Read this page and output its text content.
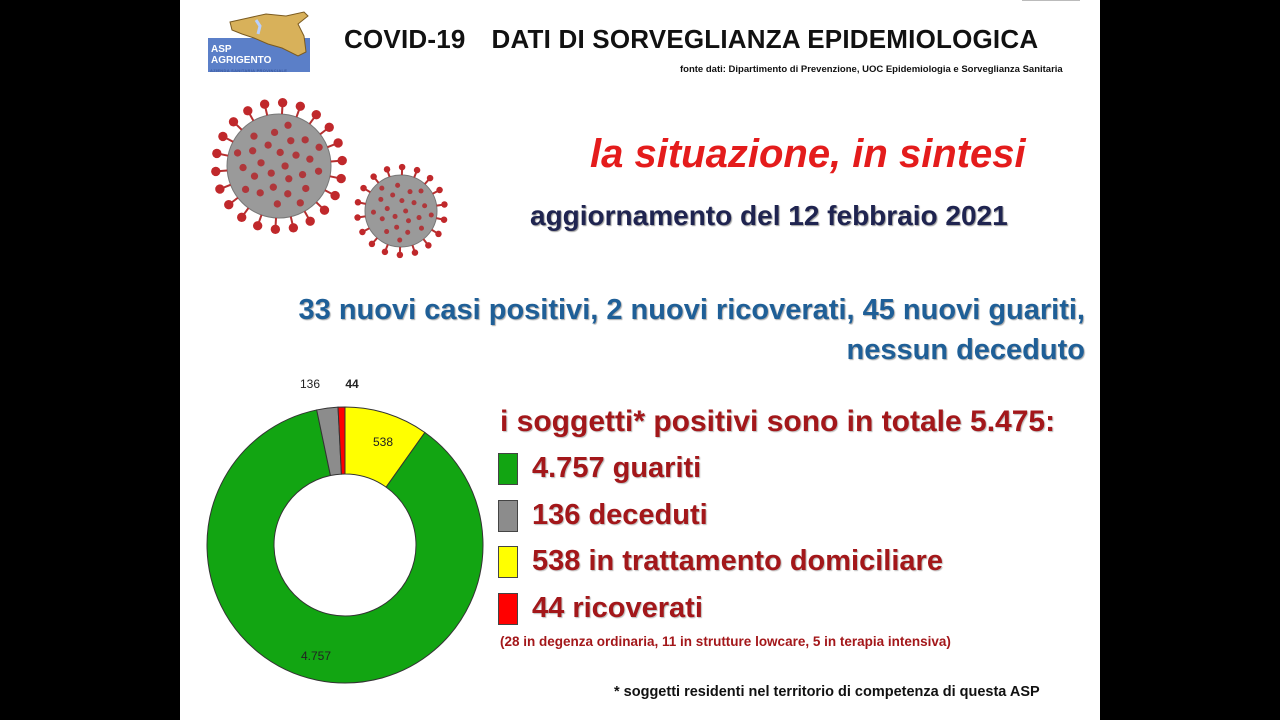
ASP
AGRIGENTO
AZIENDA SANITARIA PROVINCIALE
COVID-19 DATI DI SORVEGLIANZA EPIDEMIOLOGICA
fonte dati: Dipartimento di Prevenzione, UOC Epidemiologia e Sorveglianza Sanitaria
la situazione, in sintesi
aggiornamento del 12 febbraio 2021
33 nuovi casi positivi, 2 nuovi ricoverati, 45 nuovi guariti,
nessun deceduto
4.757
136 44
538
i soggetti* positivi sono in totale 5.475:
4.757 guariti
136 deceduti
538 in trattamento domiciliare
44 ricoverati
(28 in degenza ordinaria, 11 in strutture lowcare, 5 in terapia intensiva)
* soggetti residenti nel territorio di competenza di questa ASP
